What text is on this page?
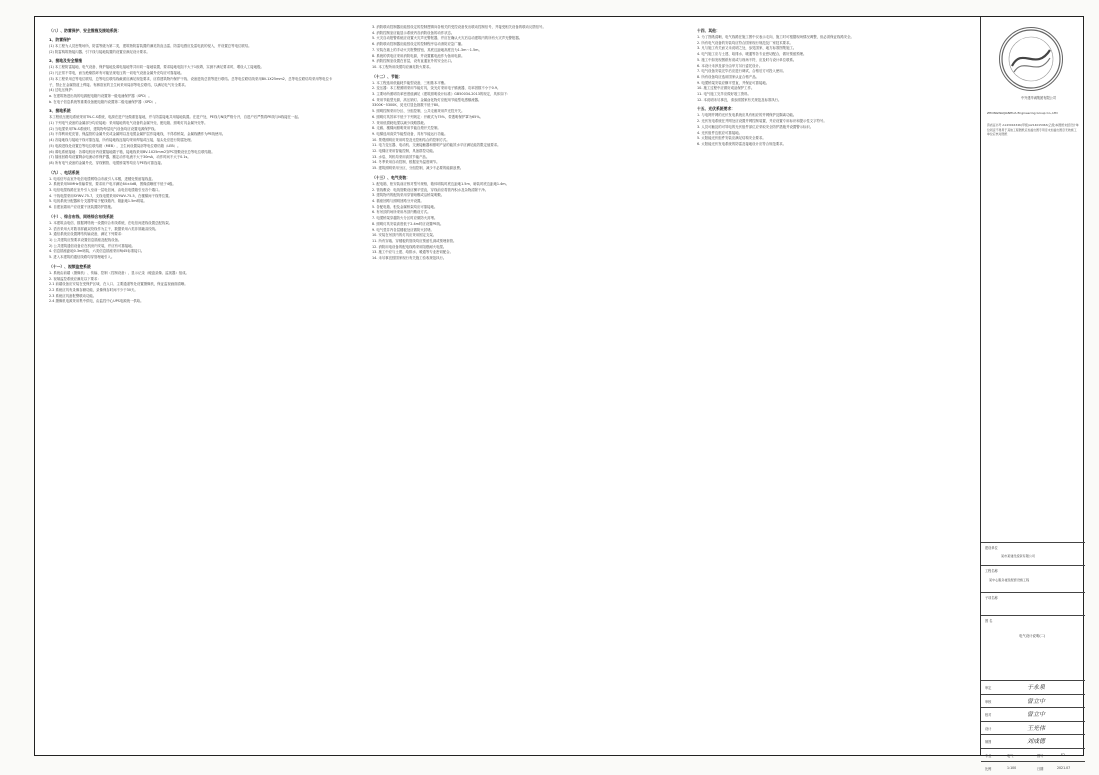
（八）、防雷保护、安全措施及接地系统：
1、防雷保护

(1) 本工程为人员密集场所，防雷等级为第二类，建筑物防雷装置的满足防直击雷、防雷电感应及雷电波的侵入，并设置总等电位联结。

(2) 防雷构筑物接闪器、引下线与接地装置的设置应满足设计要求。

2、接地及安全措施

(1) 本工程防雷接地、电气设备、保护接地及弱电接地等共用同一接地装置，要求接地电阻不大于1欧姆，实测不满足要求时，增设人工接地极。

(2) 凡正常不带电，而当绝缘损坏有可能呈现电压的一切电气设备金属外壳均应可靠接地。

(3) 本工程采用总等电位联结，总等电位联结线截面应满足规范要求，应将建筑物内保护干线、设备进线总管等进行联结。总等电位联结线采用BV-1X25mm2，总等电位联结均采用等电位卡子，禁止在金属管道上焊接。有淋浴室的卫生间采用局部等电位联结，以满足电气安全要求。

(4) 过电压保护：

a. 在建筑物进出线的电源配电箱内设置第一级电涌保护器（SPD）。

b. 在电子信息系统等重要设备配电箱内设置第二级电涌保护器（SPD）。

3、接地系统

本工程低压配电系统采用TN-C-S系统，电源在进户处做重复接地，并与防雷接地共用接地装置。在进户处，PE线与N线严格分开，自进户后严禁将PE线与N线接在一起。

(1) 下列电气设备的金属部分均应接地：采用接地的电气设备的金属外壳、配电箱、照明灯具金属外壳等。

(2) 当电缆采用TN-S系统时，建筑物每层电气设备均应设置电源保护线。

(3) 不得利用蛇皮管、保温管的金属外皮或金属网以及电缆金属护层作接地线，不得将桥架、金属线槽作为PE线使用。

(4) 各接地线与接地干线可靠连接，所有接地线连接均采用焊接或压接，接头处应进行防腐处理。

(5) 电源进线处设置总等电位联结箱（MEB），卫生间设置局部等电位联结箱（LEB）。

(6) 弱电系统接地：各弱电机房内设置接地端子箱，接地线采用BV-1X25mm2穿PC管敷设至总等电位联结箱。

(7) 插座回路均设置剩余电流动作保护器，额定动作电流不大于30mA，动作时间不大于0.1s。

(8) 所有电气设备的金属外壳、穿线钢管、电缆桥架等均应与PE线可靠连接。

（九）、电话系统

1. 电话信号由室外电信电缆网络由市政引入本楼，进楼处预留接线盒。

2. 系统采用50MHz传输带宽，要求用户电平满足64±4dB，图像清晰度不低于4级。

3. 电信电缆线路在室外引入至前一层电信间，由电信电缆箱引至各个端口。

4. 干线电缆采用SYWV-75-7，支线电缆采用SYWV-75-5，在楼梯间干线等位置。

5. 电视系统分配器和分支器等装于配线箱内，箱距地1.5m明装。

6. 自建室端用户应设置干扰装置防护措施。

（十）、综合布线、网络综合布线系统

1. 本建筑由电信、数据网络统一设置综合布线系统，在电信间进线设置总配线架。

2. 语音采用大对数非屏蔽双绞线作为主干，数据采用六类非屏蔽双绞线。

3. 通信系统应设置网络传输设备，满足下列要求：

1) 公共建筑应按要求设置信息插座及配线设备。

2) 公共建筑通信设备应在机房内安装，并应有可靠接地。

4. 信息插座距地0.3m暗装，六类信息插座采用RJ45标准接口。

5. 进入本建筑的通信线路均穿管埋地引入。

（十一）、视频监控系统

1. 系统由前端（摄像机）、传输、控制（控制设备）、显示记录（硬盘录像、监视器）组成。

2. 视频监控系统应满足以下要求：

2.1 前端设备应安装在受保护区域，在入口、主要通道等处设置摄像机，保证监视画面清晰。

2.2 系统应具有录像存储功能，录像保存时间不少于30天。

2.3 系统应具备报警联动功能。

2.4 摄像机电源采用集中供电，由监控中心UPS电源统一供给。

3. 消防联动控制器应能按设定的控制逻辑向各相关的受控设备发出联动控制信号，并接受相关设备的联动反馈信号。

4. 消防控制室应能显示系统内各消防设备的动作状态。

5. 火灾自动报警系统应设置火灾声光警报器，并应在确认火灾后启动建筑内的所有火灾声光警报器。

6. 消防联动控制器应能按设定的控制程序启动消防应急广播。

7. 安装在墙上的手动火灾报警按钮，其底边距地高度宜为1.3m～1.5m。

8. 系统的供电应采用消防电源，并设置蓄电池作为备用电源。

9. 消防控制室设置在首层，设有直通室外的安全出口。

10. 本工程所用线缆均应满足防火要求。

（十二）、节能：

1. 本工程选用低能耗节能型设备，三相基本平衡。

2. 变压器：本工程照明采用节能灯具，荧光灯采用电子镇流器，功率因数不小于0.9。

3. 主要场所照明功率密度值满足《建筑照明设计标准》GB50034-2013的规定，具体如下：

4. 采用节能型光源，高压钠灯、金属卤化物灯应配用节能型电感镇流器。

3300K~5300K，荧光灯显色指数不低于80。

5. 照明控制采用分区、分组控制，公共走廊采用声光控开关。

6. 照明灯具效率不低于下列规定：开敞式为75%，带透明保护罩为65%。

7. 采用低损耗电缆以减少线路损耗。

8. 走廊、楼梯间照明采用节能自熄开关控制。

9. 电梯选用高效节能型设备，具有节能运行功能。

10. 景观照明应采用时控及光控相结合的控制方式。

11. 电力变压器、电动机、交流接触器和照明产品的能效水平应满足能效限定值要求。

12. 电梯应采用智能控制，具备群控功能。

13. 水泵、风机均采用高效节能产品。

14. 冬季采用自动控制，根据室外温度调节。

15. 建筑照明采用分区、分组控制，减少不必要的能源浪费。

（十三）、电气安装：

1. 配电箱、柜安装前应核对型号规格，箱体明装时底边距地1.5m，暗装时底边距地1.4m。

2. 管线敷设：电线管敷设应横平竖直，穿线前应将管内积水及杂物清除干净。

3. 建筑物内的配线采用穿管暗敷或沿桥架明敷。

4. 插座回路与照明回路分开设置。

5. 各配电箱、柜及金属桥架均应可靠接地。

6. 有吊顶的场所采用吊顶内敷设方式。

7. 电缆桥架穿越防火分区时应做防火封堵。

8. 照明灯具安装高度低于2.4m时应设置PE线。

9. 电气竖井内各层楼板处应做防火封堵。

10. 安装在吊顶内的灯具应采用固定支架。

11. 所有穿墙、穿楼板的管线均应预留孔洞或预埋套管。

12. 消防用电设备的配电线路采用阻燃耐火电缆。

13. 施工中应与土建、给排水、暖通等专业密切配合。

14. 未尽事宜按国家现行有关施工验收规范执行。

十四、其他：

1. 为了图纸清晰，电气线路在施工图中仅表示走向，施工时可根据现场情况调整，但必须保证线路安全。

2. 所有电气设备的安装均应符合国家现行规范及厂家技术要求。

3. 凡与施工有关而又未说明之处，参见国家、地方标准图集施工。

4. 电气施工应与土建、给排水、暖通等各专业密切配合，做好预留预埋。

5. 施工中如发现图纸有误或与现场不符，应及时与设计单位联系。

6. 本设计未涉及部分由甲方另行委托设计。

7. 电气设备安装完毕后应进行调试，合格后方可投入使用。

8. 所有设备均应选用国家认证合格产品。

9. 电缆桥架安装应横平竖直，并保证可靠接地。

10. 施工过程中应做好成品保护工作。

11. 电气施工完毕应做好竣工资料。

12. 本说明未尽事宜，请参照国家有关规范及标准执行。

十五、光伏系统要求：

1. 与电网并网的光伏发电系统应具有相应的并网保护及隔离功能。

2. 光伏发电系统在并网处应设置并网控制装置，并应设置专用标识和提示性文字符号。

3. 人员可触及的可导电的光伏组件部位应采取安全防护措施并设置警示标识。

4. 光伏组件边框应可靠接地。

5. 太阳能光伏组件安装应满足结构安全要求。

6. 太阳能光伏发电系统的防雷及接地设计应符合规范要求。

中外建华诚集团有限公司
ZHONGWAIJIANHUA Engineering Group Co.,LTD
资质证书号 A143016346(甲级)A214015963(乙级)本图纸未经设计单位同意不得用于其他工程图纸应加盖出图专用章未加盖出图章无效施工单位应核对图纸
建设单位
某市某建设投资有限公司
工程名称
某中心服务楼及配套设施工程
子项名称
图 名
电气设计说明(二)
审定	于永泉
审核	曾立中
校对	曾立中
设计	王光伟
制图	刘成德
专业	电气	图号	E2
比例	1:100	日期	2021.07
